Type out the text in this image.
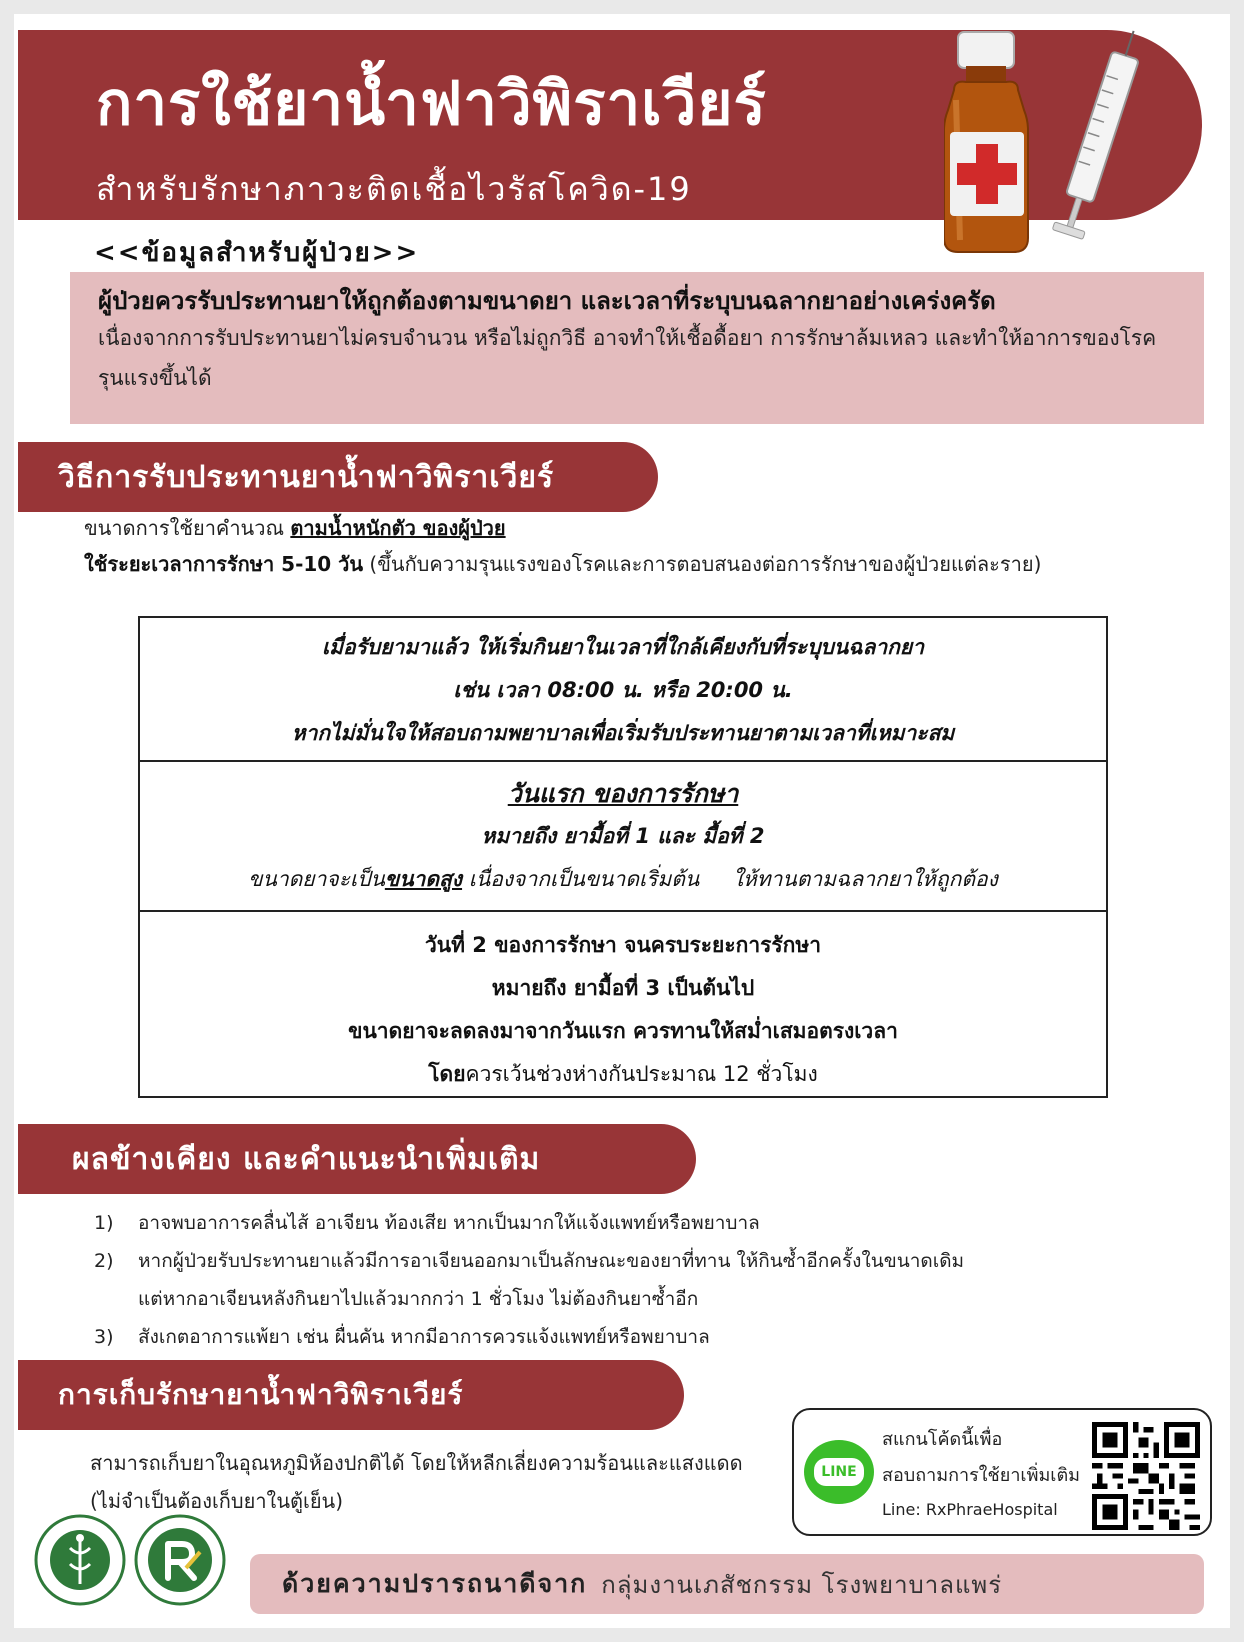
การใช้ยาน้ำฟาวิพิราเวียร์
สำหรับรักษาภาวะติดเชื้อไวรัสโควิด-19
<<ข้อมูลสำหรับผู้ป่วย>>
ผู้ป่วยควรรับประทานยาให้ถูกต้องตามขนาดยา และเวลาที่ระบุบนฉลากยาอย่างเคร่งครัด
เนื่องจากการรับประทานยาไม่ครบจำนวน หรือไม่ถูกวิธี อาจทำให้เชื้อดื้อยา การรักษาล้มเหลว และทำให้อาการของโรครุนแรงขึ้นได้
วิธีการรับประทานยาน้ำฟาวิพิราเวียร์
ขนาดการใช้ยาคำนวณ ตามน้ำหนักตัว ของผู้ป่วย
ใช้ระยะเวลาการรักษา 5-10 วัน (ขึ้นกับความรุนแรงของโรคและการตอบสนองต่อการรักษาของผู้ป่วยแต่ละราย)
เมื่อรับยามาแล้ว ให้เริ่มกินยาในเวลาที่ใกล้เคียงกับที่ระบุบนฉลากยา
เช่น เวลา 08:00 น. หรือ 20:00 น.
หากไม่มั่นใจให้สอบถามพยาบาลเพื่อเริ่มรับประทานยาตามเวลาที่เหมาะสม
วันแรก ของการรักษา
หมายถึง ยามื้อที่ 1 และ มื้อที่ 2
ขนาดยาจะเป็นขนาดสูง เนื่องจากเป็นขนาดเริ่มต้น ให้ทานตามฉลากยาให้ถูกต้อง
วันที่ 2 ของการรักษา จนครบระยะการรักษา
หมายถึง ยามื้อที่ 3 เป็นต้นไป
ขนาดยาจะลดลงมาจากวันแรก ควรทานให้สม่ำเสมอตรงเวลา
โดยควรเว้นช่วงห่างกันประมาณ 12 ชั่วโมง
ผลข้างเคียง และคำแนะนำเพิ่มเติม
1) อาจพบอาการคลื่นไส้ อาเจียน ท้องเสีย หากเป็นมากให้แจ้งแพทย์หรือพยาบาล
2) หากผู้ป่วยรับประทานยาแล้วมีการอาเจียนออกมาเป็นลักษณะของยาที่ทาน ให้กินซ้ำอีกครั้งในขนาดเดิม
แต่หากอาเจียนหลังกินยาไปแล้วมากกว่า 1 ชั่วโมง ไม่ต้องกินยาซ้ำอีก
3) สังเกตอาการแพ้ยา เช่น ผื่นคัน หากมีอาการควรแจ้งแพทย์หรือพยาบาล
การเก็บรักษายาน้ำฟาวิพิราเวียร์
สามารถเก็บยาในอุณหภูมิห้องปกติได้ โดยให้หลีกเลี่ยงความร้อนและแสงแดด
(ไม่จำเป็นต้องเก็บยาในตู้เย็น)
LINE
สแกนโค้ดนี้เพื่อ
สอบถามการใช้ยาเพิ่มเติม
Line: RxPhraeHospital
ด้วยความปรารถนาดีจาก กลุ่มงานเภสัชกรรม โรงพยาบาลแพร่
